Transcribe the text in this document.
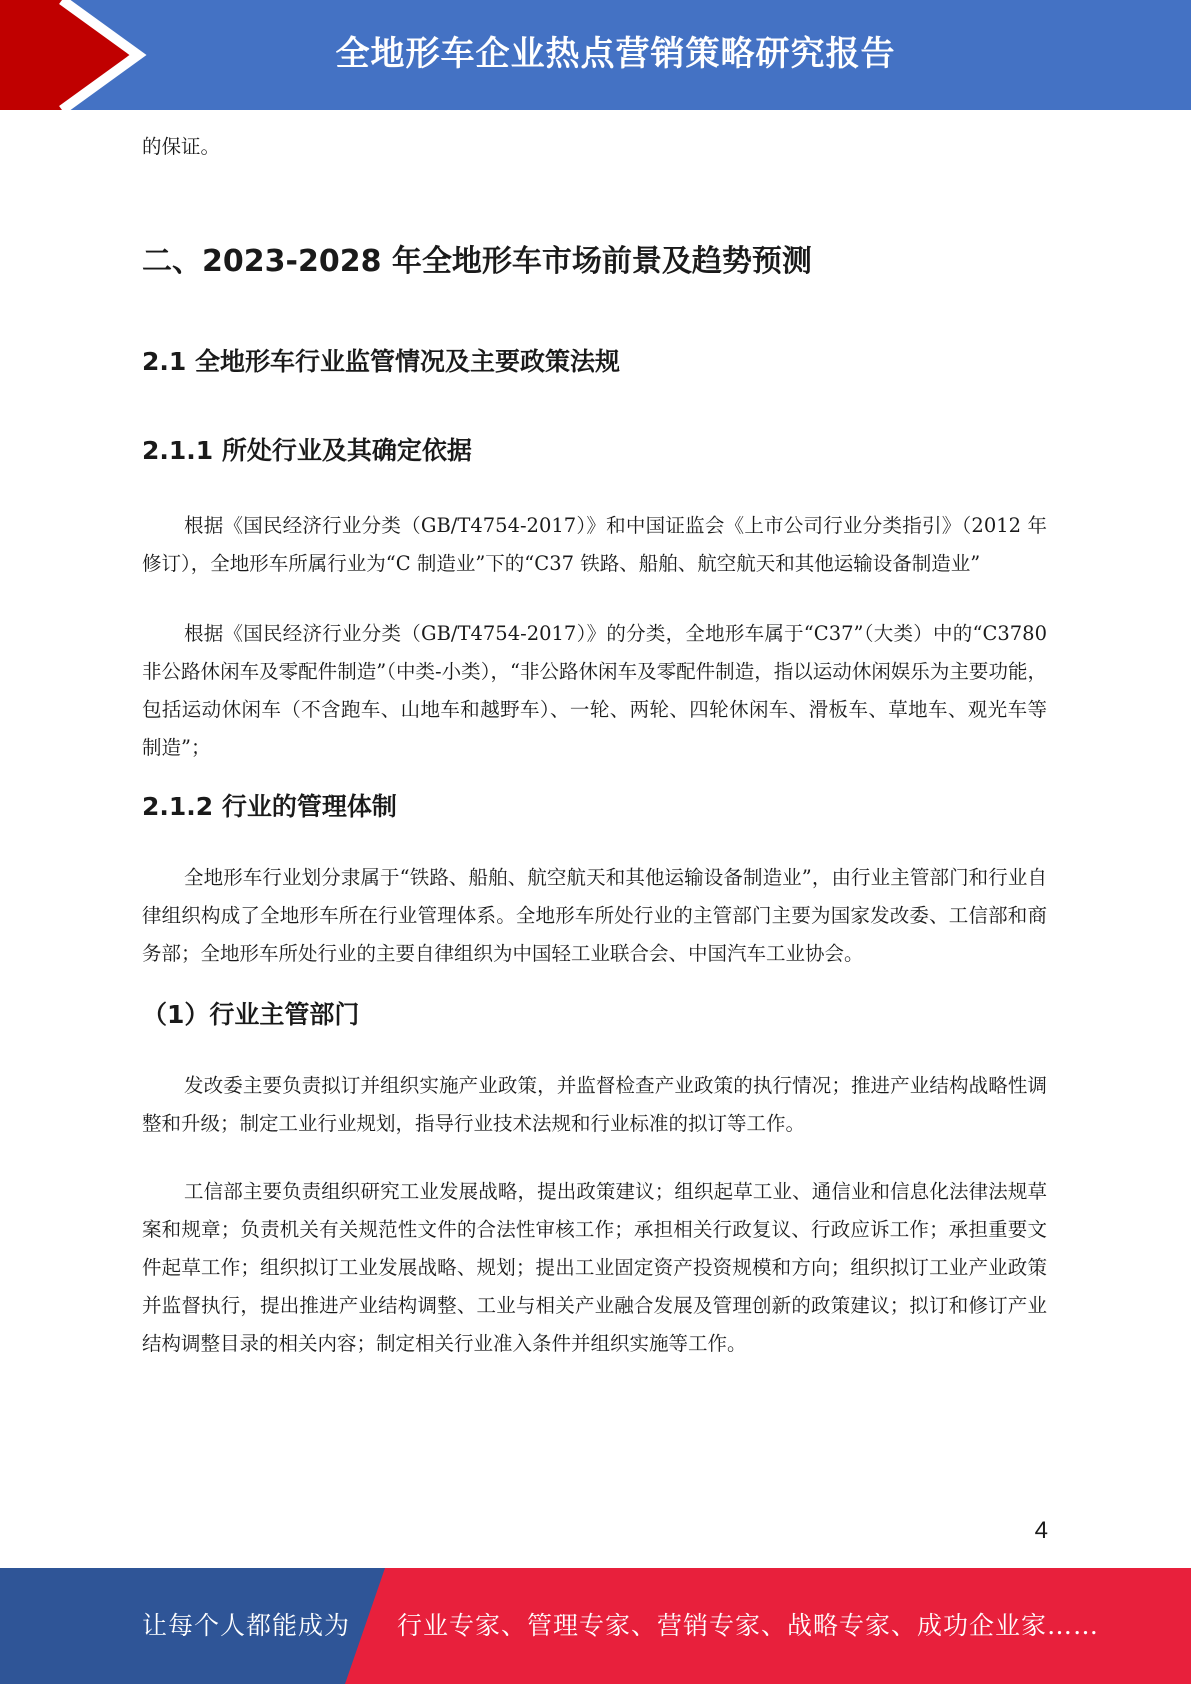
全地形车企业热点营销策略研究报告

的保证。

二、2023-2028 年全地形车市场前景及趋势预测
2.1 全地形车行业监管情况及主要政策法规
2.1.1 所处行业及其确定依据

根据《国民经济行业分类（GB/T4754-2017）》和中国证监会《上市公司行业分类指引》（2012 年修订），全地形车所属行业为“C 制造业”下的“C37 铁路、船舶、航空航天和其他运输设备制造业”

根据《国民经济行业分类（GB/T4754-2017）》的分类，全地形车属于“C37”（大类）中的“C3780 非公路休闲车及零配件制造”（中类-小类），“非公路休闲车及零配件制造，指以运动休闲娱乐为主要功能，包括运动休闲车（不含跑车、山地车和越野车）、一轮、两轮、四轮休闲车、滑板车、草地车、观光车等制造”；

2.1.2 行业的管理体制

全地形车行业划分隶属于“铁路、船舶、航空航天和其他运输设备制造业”，由行业主管部门和行业自律组织构成了全地形车所在行业管理体系。全地形车所处行业的主管部门主要为国家发改委、工信部和商务部；全地形车所处行业的主要自律组织为中国轻工业联合会、中国汽车工业协会。

（1）行业主管部门

发改委主要负责拟订并组织实施产业政策，并监督检查产业政策的执行情况；推进产业结构战略性调整和升级；制定工业行业规划，指导行业技术法规和行业标准的拟订等工作。

工信部主要负责组织研究工业发展战略，提出政策建议；组织起草工业、通信业和信息化法律法规草案和规章；负责机关有关规范性文件的合法性审核工作；承担相关行政复议、行政应诉工作；承担重要文件起草工作；组织拟订工业发展战略、规划；提出工业固定资产投资规模和方向；组织拟订工业产业政策并监督执行，提出推进产业结构调整、工业与相关产业融合发展及管理创新的政策建议；拟订和修订产业结构调整目录的相关内容；制定相关行业准入条件并组织实施等工作。

4
让每个人都能成为 行业专家、管理专家、营销专家、战略专家、成功企业家……
